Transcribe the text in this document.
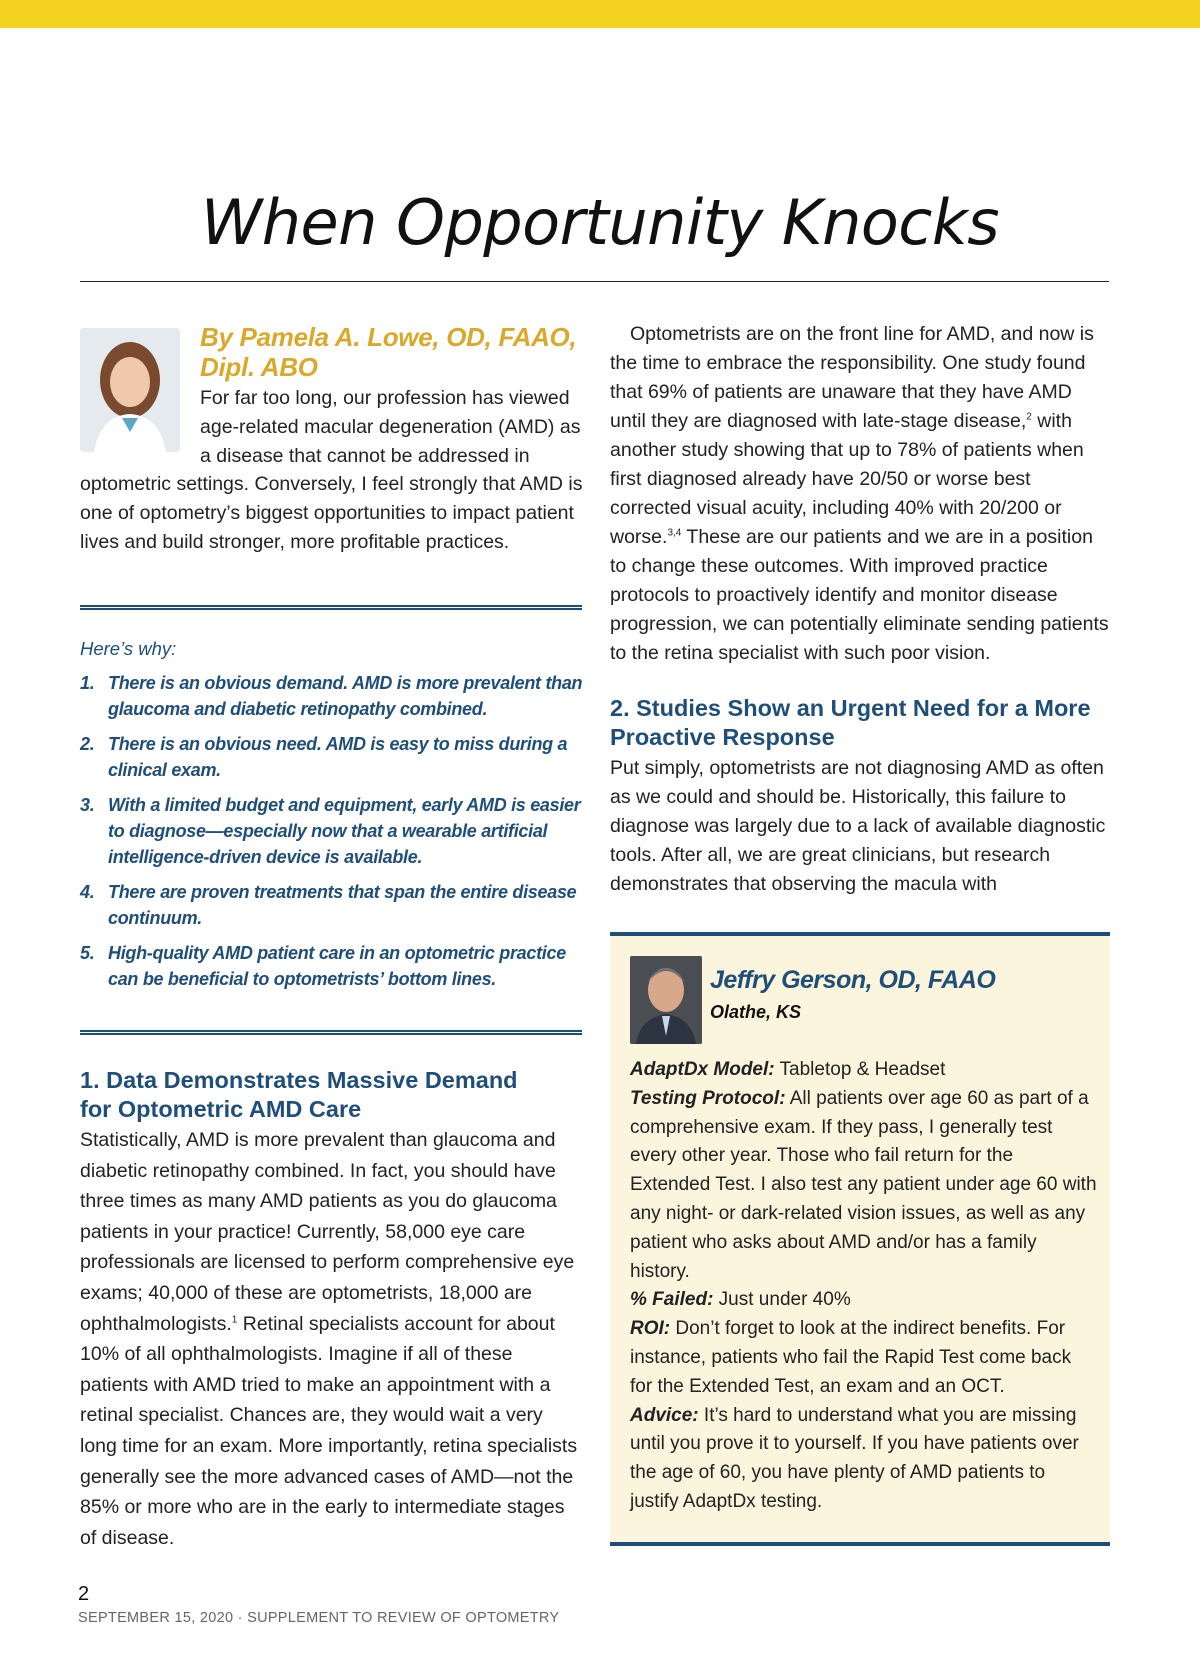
When Opportunity Knocks
By Pamela A. Lowe, OD, FAAO,
Dipl. ABO
For far too long, our profession has viewed age-related macular degeneration (AMD) as a disease that cannot be addressed in optometric settings. Conversely, I feel strongly that AMD is one of optometry’s biggest opportunities to impact patient lives and build stronger, more profitable practices.
Here’s why:
1. There is an obvious demand. AMD is more prevalent than glaucoma and diabetic retinopathy combined.
2. There is an obvious need. AMD is easy to miss during a clinical exam.
3. With a limited budget and equipment, early AMD is easier to diagnose—especially now that a wearable artificial intelligence-driven device is available.
4. There are proven treatments that span the entire disease continuum.
5. High-quality AMD patient care in an optometric practice can be beneficial to optometrists’ bottom lines.
1. Data Demonstrates Massive Demand
for Optometric AMD Care
Statistically, AMD is more prevalent than glaucoma and diabetic retinopathy combined. In fact, you should have three times as many AMD patients as you do glaucoma patients in your practice! Currently, 58,000 eye care professionals are licensed to perform comprehensive eye exams; 40,000 of these are optometrists, 18,000 are ophthalmologists.$^1$ Retinal specialists account for about 10% of all ophthalmologists. Imagine if all of these patients with AMD tried to make an appointment with a retinal specialist. Chances are, they would wait a very long time for an exam. More importantly, retina specialists generally see the more advanced cases of AMD—not the 85% or more who are in the early to intermediate stages of disease.
Optometrists are on the front line for AMD, and now is the time to embrace the responsibility. One study found that 69% of patients are unaware that they have AMD until they are diagnosed with late-stage disease,$^2$ with another study showing that up to 78% of patients when first diagnosed already have 20/50 or worse best corrected visual acuity, including 40% with 20/200 or worse.$^{3,4}$ These are our patients and we are in a position to change these outcomes. With improved practice protocols to proactively identify and monitor disease progression, we can potentially eliminate sending patients to the retina specialist with such poor vision.
2. Studies Show an Urgent Need for a More
Proactive Response
Put simply, optometrists are not diagnosing AMD as often as we could and should be. Historically, this failure to diagnose was largely due to a lack of available diagnostic tools. After all, we are great clinicians, but research demonstrates that observing the macula with
Jeffry Gerson, OD, FAAO
Olathe, KS
AdaptDx Model: Tabletop & Headset
Testing Protocol: All patients over age 60 as part of a comprehensive exam. If they pass, I generally test every other year. Those who fail return for the Extended Test. I also test any patient under age 60 with any night- or dark-related vision issues, as well as any patient who asks about AMD and/or has a family history.
% Failed: Just under 40%
ROI: Don’t forget to look at the indirect benefits. For instance, patients who fail the Rapid Test come back for the Extended Test, an exam and an OCT.
Advice: It’s hard to understand what you are missing until you prove it to yourself. If you have patients over the age of 60, you have plenty of AMD patients to justify AdaptDx testing.
2
SEPTEMBER 15, 2020 · SUPPLEMENT TO REVIEW OF OPTOMETRY
